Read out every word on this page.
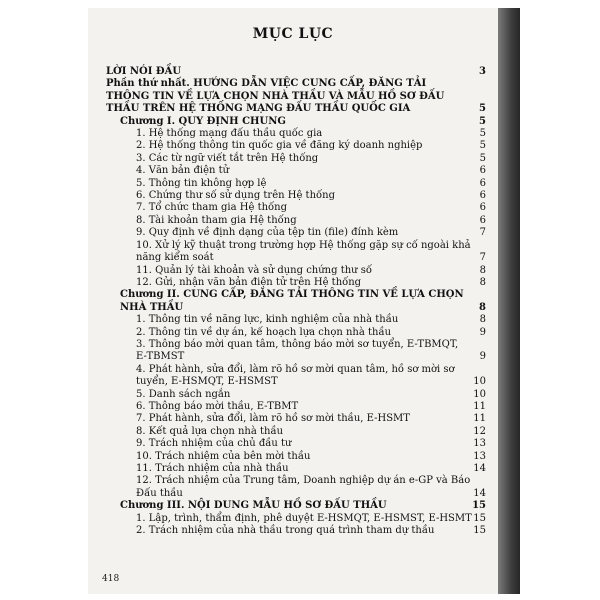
MỤC LỤC
LỜI NÓI ĐẦU	3
Phần thứ nhất. HƯỚNG DẪN VIỆC CUNG CẤP, ĐĂNG TẢI THÔNG TIN VỀ LỰA CHỌN NHÀ THẦU VÀ MẪU HỒ SƠ ĐẤU THẦU TRÊN HỆ THỐNG MẠNG ĐẤU THẦU QUỐC GIA	5
Chương I. QUY ĐỊNH CHUNG	5
1. Hệ thống mạng đấu thầu quốc gia	5
2. Hệ thống thông tin quốc gia về đăng ký doanh nghiệp	5
3. Các từ ngữ viết tắt trên Hệ thống	5
4. Văn bản điện tử	6
5. Thông tin không hợp lệ	6
6. Chứng thư số sử dụng trên Hệ thống	6
7. Tổ chức tham gia Hệ thống	6
8. Tài khoản tham gia Hệ thống	6
9. Quy định về định dạng của tệp tin (file) đính kèm	7
10. Xử lý kỹ thuật trong trường hợp Hệ thống gặp sự cố ngoài khả năng kiểm soát	7
11. Quản lý tài khoản và sử dụng chứng thư số	8
12. Gửi, nhận văn bản điện tử trên Hệ thống	8
Chương II. CUNG CẤP, ĐĂNG TẢI THÔNG TIN VỀ LỰA CHỌN NHÀ THẦU	8
1. Thông tin về năng lực, kinh nghiệm của nhà thầu	8
2. Thông tin về dự án, kế hoạch lựa chọn nhà thầu	9
3. Thông báo mời quan tâm, thông báo mời sơ tuyển, E-TBMQT, E-TBMST	9
4. Phát hành, sửa đổi, làm rõ hồ sơ mời quan tâm, hồ sơ mời sơ tuyển, E-HSMQT, E-HSMST	10
5. Danh sách ngắn	10
6. Thông báo mời thầu, E-TBMT	11
7. Phát hành, sửa đổi, làm rõ hồ sơ mời thầu, E-HSMT	11
8. Kết quả lựa chọn nhà thầu	12
9. Trách nhiệm của chủ đầu tư	13
10. Trách nhiệm của bên mời thầu	13
11. Trách nhiệm của nhà thầu	14
12. Trách nhiệm của Trung tâm, Doanh nghiệp dự án e-GP và Báo Đấu thầu	14
Chương III. NỘI DUNG MẪU HỒ SƠ ĐẤU THẦU	15
1. Lập, trình, thẩm định, phê duyệt E-HSMQT, E-HSMST, E-HSMT 15
2. Trách nhiệm của nhà thầu trong quá trình tham dự thầu	15
418
